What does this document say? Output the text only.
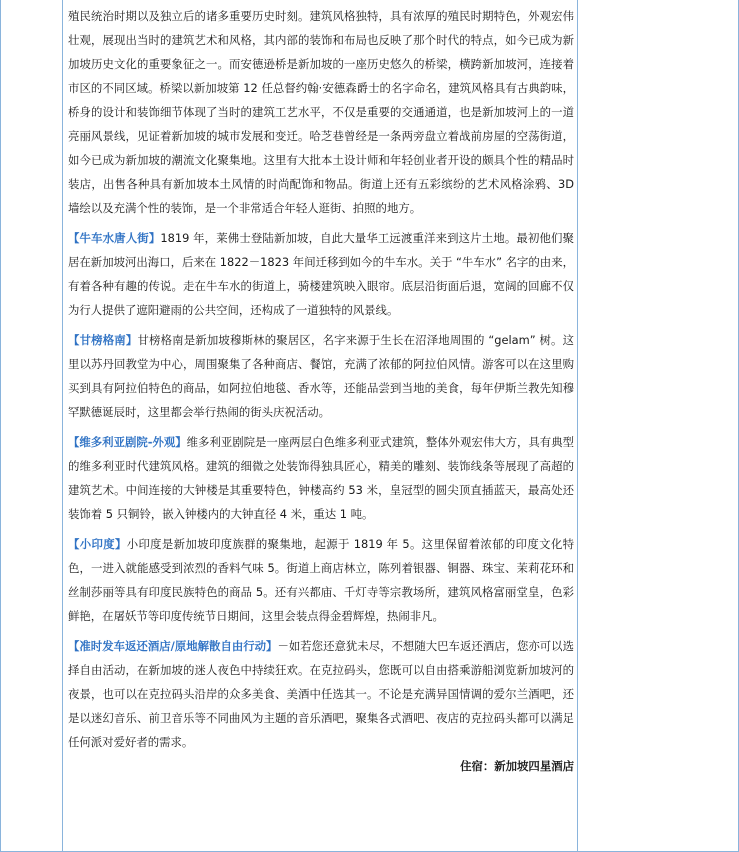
殖民统治时期以及独立后的诸多重要历史时刻。建筑风格独特，具有浓厚的殖民时期特色，外观宏伟壮观，展现出当时的建筑艺术和风格，其内部的装饰和布局也反映了那个时代的特点，如今已成为新加坡历史文化的重要象征之一。而安德逊桥是新加坡的一座历史悠久的桥梁，横跨新加坡河，连接着市区的不同区域。桥梁以新加坡第 12 任总督约翰·安德森爵士的名字命名，建筑风格具有古典韵味，桥身的设计和装饰细节体现了当时的建筑工艺水平，不仅是重要的交通通道，也是新加坡河上的一道亮丽风景线，见证着新加坡的城市发展和变迁。哈芝巷曾经是一条两旁盘立着战前房屋的空荡街道，如今已成为新加坡的潮流文化聚集地。这里有大批本土设计师和年轻创业者开设的颇具个性的精品时装店，出售各种具有新加坡本土风情的时尚配饰和物品。街道上还有五彩缤纷的艺术风格涂鸦、3D 墙绘以及充满个性的装饰，是一个非常适合年轻人逛街、拍照的地方。

【牛车水唐人街】1819 年，莱佛士登陆新加坡，自此大量华工远渡重洋来到这片土地。最初他们聚居在新加坡河出海口，后来在 1822－1823 年间迁移到如今的牛车水。关于 “牛车水” 名字的由来，有着各种有趣的传说。走在牛车水的街道上，骑楼建筑映入眼帘。底层沿街面后退，宽阔的回廊不仅为行人提供了遮阳避雨的公共空间，还构成了一道独特的风景线。

【甘榜格南】甘榜格南是新加坡穆斯林的聚居区，名字来源于生长在沼泽地周围的 “gelam” 树。这里以苏丹回教堂为中心，周围聚集了各种商店、餐馆，充满了浓郁的阿拉伯风情。游客可以在这里购买到具有阿拉伯特色的商品，如阿拉伯地毯、香水等，还能品尝到当地的美食，每年伊斯兰教先知穆罕默德诞辰时，这里都会举行热闹的街头庆祝活动。

【维多利亚剧院-外观】维多利亚剧院是一座两层白色维多利亚式建筑，整体外观宏伟大方，具有典型的维多利亚时代建筑风格。建筑的细微之处装饰得独具匠心，精美的雕刻、装饰线条等展现了高超的建筑艺术。中间连接的大钟楼是其重要特色，钟楼高约 53 米，皇冠型的圆尖顶直插蓝天，最高处还装饰着 5 只铜铃，嵌入钟楼内的大钟直径 4 米，重达 1 吨。

【小印度】小印度是新加坡印度族群的聚集地，起源于 1819 年 5。这里保留着浓郁的印度文化特色，一进入就能感受到浓烈的香料气味 5。街道上商店林立，陈列着银器、铜器、珠宝、茉莉花环和丝制莎丽等具有印度民族特色的商品 5。还有兴都庙、千灯寺等宗教场所，建筑风格富丽堂皇，色彩鲜艳，在屠妖节等印度传统节日期间，这里会装点得金碧辉煌，热闹非凡。

【准时发车返还酒店/原地解散自由行动】－如若您还意犹未尽，不想随大巴车返还酒店，您亦可以选择自由活动，在新加坡的迷人夜色中持续狂欢。在克拉码头，您既可以自由搭乘游船浏览新加坡河的夜景，也可以在克拉码头沿岸的众多美食、美酒中任选其一。不论是充满异国情调的爱尔兰酒吧，还是以迷幻音乐、前卫音乐等不同曲风为主题的音乐酒吧，聚集各式酒吧、夜店的克拉码头都可以满足任何派对爱好者的需求。

住宿：新加坡四星酒店
